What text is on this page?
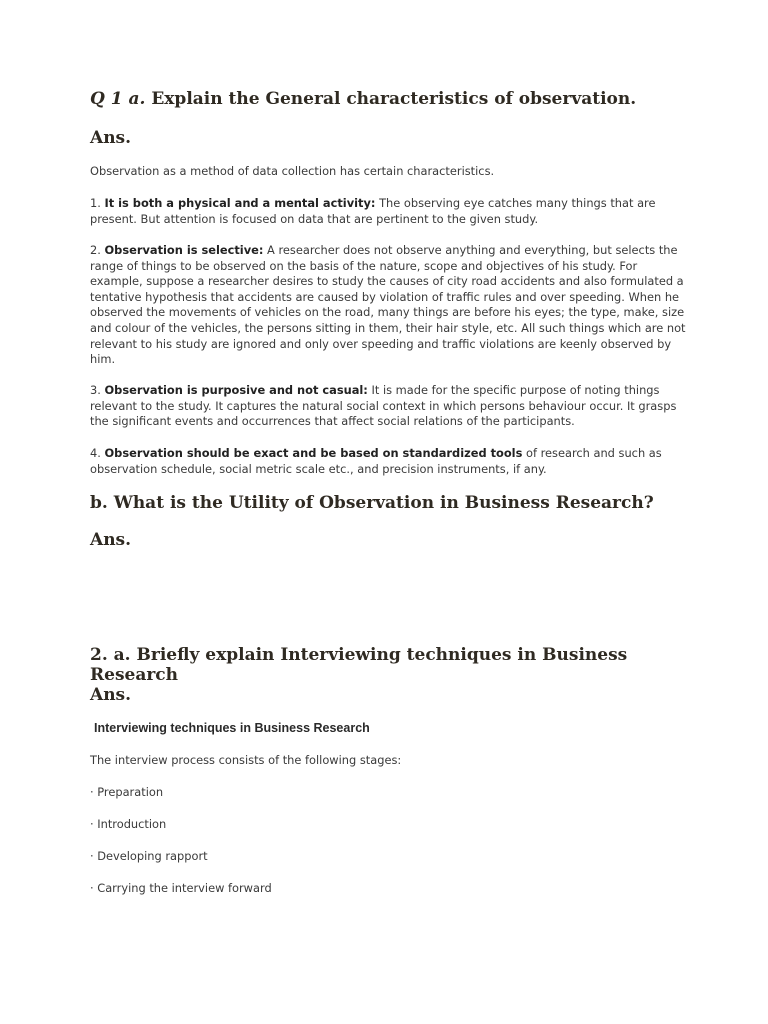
Q 1 a. Explain the General characteristics of observation.
Ans.

Observation as a method of data collection has certain characteristics.

1. It is both a physical and a mental activity: The observing eye catches many things that are present. But attention is focused on data that are pertinent to the given study.

2. Observation is selective: A researcher does not observe anything and everything, but selects the range of things to be observed on the basis of the nature, scope and objectives of his study. For example, suppose a researcher desires to study the causes of city road accidents and also formulated a tentative hypothesis that accidents are caused by violation of traffic rules and over speeding. When he observed the movements of vehicles on the road, many things are before his eyes; the type, make, size and colour of the vehicles, the persons sitting in them, their hair style, etc. All such things which are not relevant to his study are ignored and only over speeding and traffic violations are keenly observed by him.

3. Observation is purposive and not casual: It is made for the specific purpose of noting things relevant to the study. It captures the natural social context in which persons behaviour occur. It grasps the significant events and occurrences that affect social relations of the participants.

4. Observation should be exact and be based on standardized tools of research and such as observation schedule, social metric scale etc., and precision instruments, if any.

b. What is the Utility of Observation in Business Research?
Ans.
2. a. Briefly explain Interviewing techniques in Business Research
Ans.

Interviewing techniques in Business Research

The interview process consists of the following stages:

· Preparation

· Introduction

· Developing rapport

· Carrying the interview forward
